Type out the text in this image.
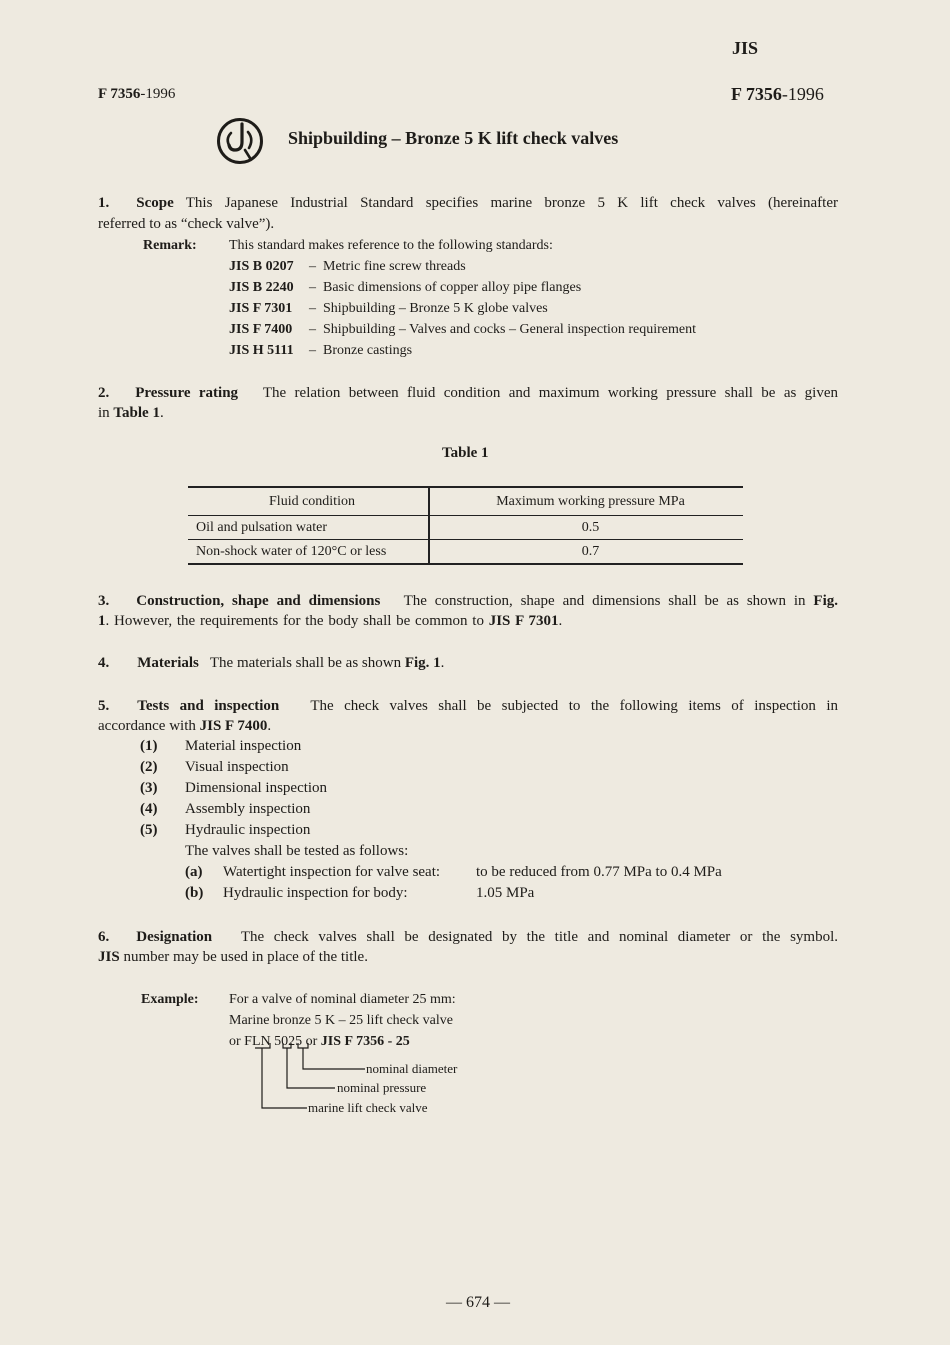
JIS
F 7356-1996	F 7356-1996
Shipbuilding – Bronze 5 K lift check valves
1. Scope This Japanese Industrial Standard specifies marine bronze 5 K lift check valves (hereinafter
referred to as “check valve”).
Remark:	This standard makes reference to the following standards:
JIS B 0207	– Metric fine screw threads
JIS B 2240	– Basic dimensions of copper alloy pipe flanges
JIS F 7301	– Shipbuilding – Bronze 5 K globe valves
JIS F 7400	– Shipbuilding – Valves and cocks – General inspection requirement
JIS H 5111	– Bronze castings
2. Pressure rating The relation between fluid condition and maximum working pressure shall be as given
in Table 1.
Table 1
Fluid condition	Maximum working pressure MPa
Oil and pulsation water	0.5
Non-shock water of 120°C or less	0.7
3. Construction, shape and dimensions The construction, shape and dimensions shall be as shown in Fig.
1. However, the requirements for the body shall be common to JIS F 7301.
4. Materials The materials shall be as shown Fig. 1.
5. Tests and inspection The check valves shall be subjected to the following items of inspection in
accordance with JIS F 7400.
(1)	Material inspection
(2)	Visual inspection
(3)	Dimensional inspection
(4)	Assembly inspection
(5)	Hydraulic inspection
The valves shall be tested as follows:
(a)	Watertight inspection for valve seat:	to be reduced from 0.77 MPa to 0.4 MPa
(b)	Hydraulic inspection for body:	1.05 MPa
6. Designation The check valves shall be designated by the title and nominal diameter or the symbol.
JIS number may be used in place of the title.
Example:	For a valve of nominal diameter 25 mm:
Marine bronze 5 K – 25 lift check valve
or FLN 5025 or JIS F 7356 - 25
nominal diameter
nominal pressure
marine lift check valve
— 674 —
